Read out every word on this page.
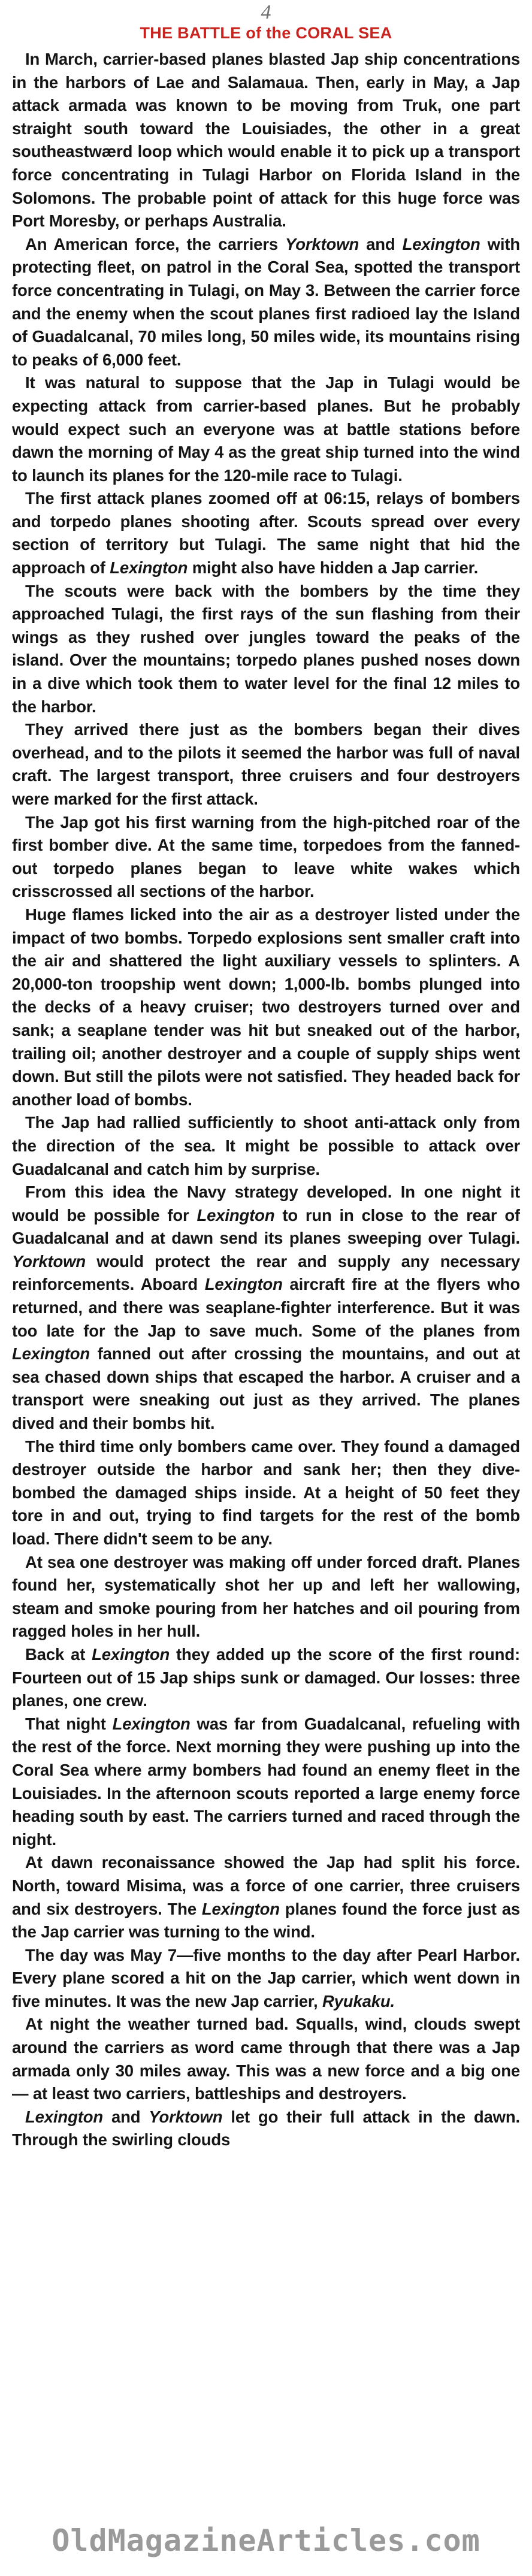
4
THE BATTLE of the CORAL SEA

In March, carrier-based planes blasted Jap ship concentrations in the harbors of Lae and Salamaua. Then, early in May, a Jap attack armada was known to be moving from Truk, one part straight south toward the Louisiades, the other in a great southeastwærd loop which would enable it to pick up a transport force concentrating in Tulagi Harbor on Florida Island in the Solomons. The probable point of attack for this huge force was Port Moresby, or perhaps Australia.

An American force, the carriers Yorktown and Lexington with protecting fleet, on patrol in the Coral Sea, spotted the transport force concentrating in Tulagi, on May 3. Between the carrier force and the enemy when the scout planes first radioed lay the Island of Guadalcanal, 70 miles long, 50 miles wide, its mountains rising to peaks of 6,000 feet.

It was natural to suppose that the Jap in Tulagi would be expecting attack from carrier-based planes. But he probably would expect such an everyone was at battle stations before dawn the morning of May 4 as the great ship turned into the wind to launch its planes for the 120-mile race to Tulagi.

The first attack planes zoomed off at 06:15, relays of bombers and torpedo planes shooting after. Scouts spread over every section of territory but Tulagi. The same night that hid the approach of Lexington might also have hidden a Jap carrier.

The scouts were back with the bombers by the time they approached Tulagi, the first rays of the sun flashing from their wings as they rushed over jungles toward the peaks of the island. Over the mountains; torpedo planes pushed noses down in a dive which took them to water level for the final 12 miles to the harbor.

They arrived there just as the bombers began their dives overhead, and to the pilots it seemed the harbor was full of naval craft. The largest transport, three cruisers and four destroyers were marked for the first attack.

The Jap got his first warning from the high-pitched roar of the first bomber dive. At the same time, torpedoes from the fanned-out torpedo planes began to leave white wakes which crisscrossed all sections of the harbor.

Huge flames licked into the air as a destroyer listed under the impact of two bombs. Torpedo explosions sent smaller craft into the air and shattered the light auxiliary vessels to splinters. A 20,000-ton troopship went down; 1,000-lb. bombs plunged into the decks of a heavy cruiser; two destroyers turned over and sank; a seaplane tender was hit but sneaked out of the harbor, trailing oil; another destroyer and a couple of supply ships went down. But still the pilots were not satisfied. They headed back for another load of bombs.

The Jap had rallied sufficiently to shoot anti-attack only from the direction of the sea. It might be possible to attack over Guadalcanal and catch him by surprise.

From this idea the Navy strategy developed. In one night it would be possible for Lexington to run in close to the rear of Guadalcanal and at dawn send its planes sweeping over Tulagi. Yorktown would protect the rear and supply any necessary reinforcements. Aboard Lexington aircraft fire at the flyers who returned, and there was seaplane-fighter interference. But it was too late for the Jap to save much. Some of the planes from Lexington fanned out after crossing the mountains, and out at sea chased down ships that escaped the harbor. A cruiser and a transport were sneaking out just as they arrived. The planes dived and their bombs hit.

The third time only bombers came over. They found a damaged destroyer outside the harbor and sank her; then they dive-bombed the damaged ships inside. At a height of 50 feet they tore in and out, trying to find targets for the rest of the bomb load. There didn't seem to be any.

At sea one destroyer was making off under forced draft. Planes found her, systematically shot her up and left her wallowing, steam and smoke pouring from her hatches and oil pouring from ragged holes in her hull.

Back at Lexington they added up the score of the first round: Fourteen out of 15 Jap ships sunk or damaged. Our losses: three planes, one crew.

That night Lexington was far from Guadalcanal, refueling with the rest of the force. Next morning they were pushing up into the Coral Sea where army bombers had found an enemy fleet in the Louisiades. In the afternoon scouts reported a large enemy force heading south by east. The carriers turned and raced through the night.

At dawn reconaissance showed the Jap had split his force. North, toward Misima, was a force of one carrier, three cruisers and six destroyers. The Lexington planes found the force just as the Jap carrier was turning to the wind.

The day was May 7—five months to the day after Pearl Harbor. Every plane scored a hit on the Jap carrier, which went down in five minutes. It was the new Jap carrier, Ryukaku.

At night the weather turned bad. Squalls, wind, clouds swept around the carriers as word came through that there was a Jap armada only 30 miles away. This was a new force and a big one — at least two carriers, battleships and destroyers.

Lexington and Yorktown let go their full attack in the dawn. Through the swirling clouds

OldMagazineArticles.com
